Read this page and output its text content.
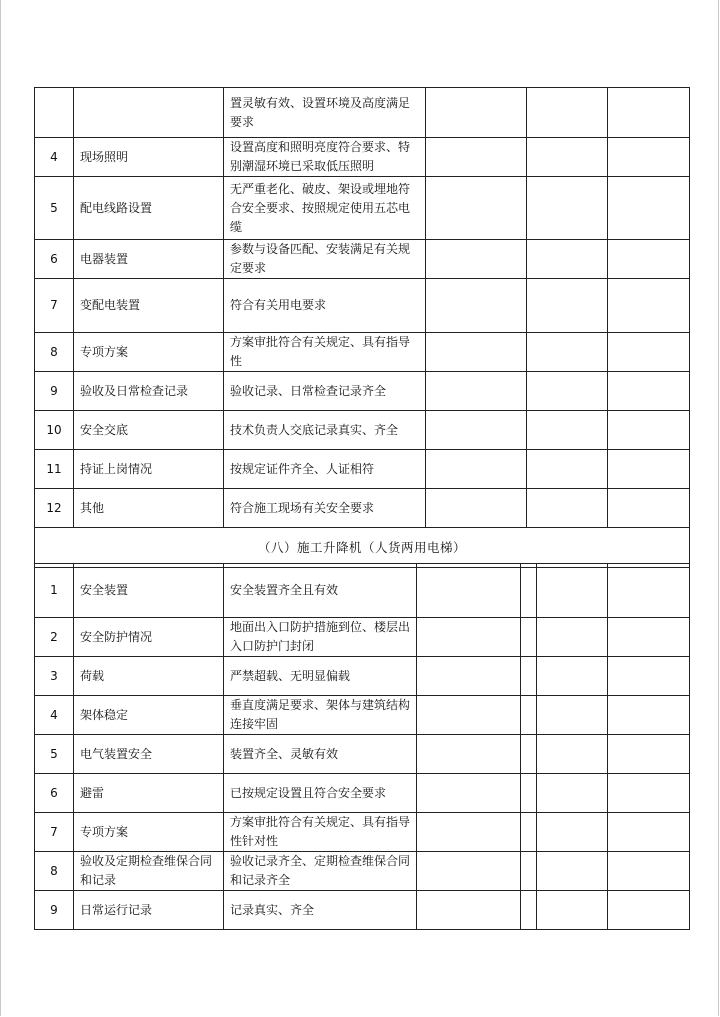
		置灵敏有效、设置环境及高度满足要求			
4	现场照明	设置高度和照明亮度符合要求、特别潮湿环境已采取低压照明			
5	配电线路设置	无严重老化、破皮、架设或埋地符合安全要求、按照规定使用五芯电缆			
6	电器装置	参数与设备匹配、安装满足有关规定要求			
7	变配电装置	符合有关用电要求			
8	专项方案	方案审批符合有关规定、具有指导性			
9	验收及日常检查记录	验收记录、日常检查记录齐全			
10	安全交底	技术负责人交底记录真实、齐全			
11	持证上岗情况	按规定证件齐全、人证相符			
12	其他	符合施工现场有关安全要求			
（八）施工升降机（人货两用电梯）					
1	安全装置	安全装置齐全且有效				
2	安全防护情况	地面出入口防护措施到位、楼层出入口防护门封闭				
3	荷载	严禁超载、无明显偏载				
4	架体稳定	垂直度满足要求、架体与建筑结构连接牢固				
5	电气装置安全	装置齐全、灵敏有效				
6	避雷	已按规定设置且符合安全要求				
7	专项方案	方案审批符合有关规定、具有指导性针对性				
8	验收及定期检查维保合同和记录	验收记录齐全、定期检查维保合同和记录齐全				
9	日常运行记录	记录真实、齐全				
